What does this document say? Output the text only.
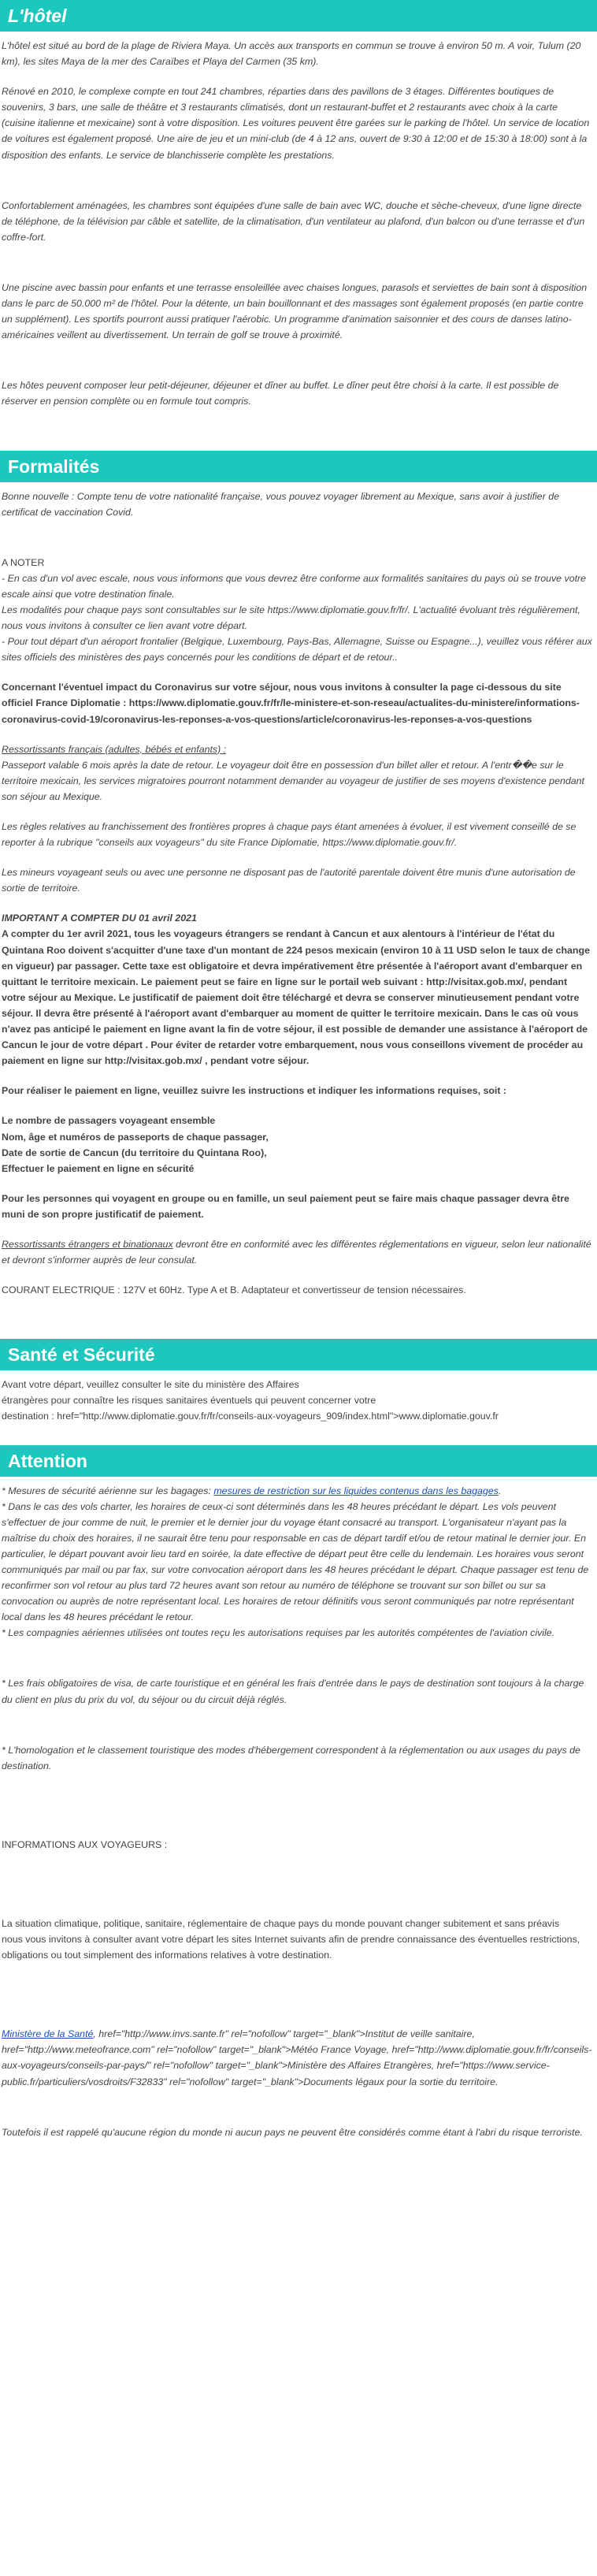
L'hôtel

L'hôtel est situé au bord de la plage de Riviera Maya. Un accès aux transports en commun se trouve à environ 50 m. A voir, Tulum (20 km), les sites Maya de la mer des Caraïbes et Playa del Carmen (35 km).

Rénové en 2010, le complexe compte en tout 241 chambres, réparties dans des pavillons de 3 étages. Différentes boutiques de souvenirs, 3 bars, une salle de théâtre et 3 restaurants climatisés, dont un restaurant-buffet et 2 restaurants avec choix à la carte (cuisine italienne et mexicaine) sont à votre disposition. Les voitures peuvent être garées sur le parking de l'hôtel. Un service de location de voitures est également proposé. Une aire de jeu et un mini-club (de 4 à 12 ans, ouvert de 9:30 à 12:00 et de 15:30 à 18:00) sont à la disposition des enfants. Le service de blanchisserie complète les prestations.

Confortablement aménagées, les chambres sont équipées d'une salle de bain avec WC, douche et sèche-cheveux, d'une ligne directe de téléphone, de la télévision par câble et satellite, de la climatisation, d'un ventilateur au plafond, d'un balcon ou d'une terrasse et d'un coffre-fort.

Une piscine avec bassin pour enfants et une terrasse ensoleillée avec chaises longues, parasols et serviettes de bain sont à disposition dans le parc de 50.000 m² de l'hôtel. Pour la détente, un bain bouillonnant et des massages sont également proposés (en partie contre un supplément). Les sportifs pourront aussi pratiquer l'aérobic. Un programme d'animation saisonnier et des cours de danses latino-américaines veillent au divertissement. Un terrain de golf se trouve à proximité.

Les hôtes peuvent composer leur petit-déjeuner, déjeuner et dîner au buffet. Le dîner peut être choisi à la carte. Il est possible de réserver en pension complète ou en formule tout compris.

Formalités

Bonne nouvelle : Compte tenu de votre nationalité française, vous pouvez voyager librement au Mexique, sans avoir à justifier de certificat de vaccination Covid.

A NOTER

- En cas d'un vol avec escale, nous vous informons que vous devrez être conforme aux formalités sanitaires du pays où se trouve votre escale ainsi que votre destination finale.

Les modalités pour chaque pays sont consultables sur le site https://www.diplomatie.gouv.fr/fr/. L'actualité évoluant très régulièrement, nous vous invitons à consulter ce lien avant votre départ.

- Pour tout départ d'un aéroport frontalier (Belgique, Luxembourg, Pays-Bas, Allemagne, Suisse ou Espagne...), veuillez vous référer aux sites officiels des ministères des pays concernés pour les conditions de départ et de retour..

Concernant l'éventuel impact du Coronavirus sur votre séjour, nous vous invitons à consulter la page ci-dessous du site officiel France Diplomatie : https://www.diplomatie.gouv.fr/fr/le-ministere-et-son-reseau/actualites-du-ministere/informations-coronavirus-covid-19/coronavirus-les-reponses-a-vos-questions/article/coronavirus-les-reponses-a-vos-questions

Ressortissants français (adultes, bébés et enfants) :

Passeport valable 6 mois après la date de retour. Le voyageur doit être en possession d'un billet aller et retour. A l'entr��e sur le territoire mexicain, les services migratoires pourront notamment demander au voyageur de justifier de ses moyens d'existence pendant son séjour au Mexique.

Les règles relatives au franchissement des frontières propres à chaque pays étant amenées à évoluer, il est vivement conseillé de se reporter à la rubrique "conseils aux voyageurs" du site France Diplomatie, https://www.diplomatie.gouv.fr/.

Les mineurs voyageant seuls ou avec une personne ne disposant pas de l'autorité parentale doivent être munis d'une autorisation de sortie de territoire.

IMPORTANT A COMPTER DU 01 avril 2021

A compter du 1er avril 2021, tous les voyageurs étrangers se rendant à Cancun et aux alentours à l'intérieur de l'état du Quintana Roo doivent s'acquitter d'une taxe d'un montant de 224 pesos mexicain (environ 10 à 11 USD selon le taux de change en vigueur) par passager. Cette taxe est obligatoire et devra impérativement être présentée à l'aéroport avant d'embarquer en quittant le territoire mexicain. Le paiement peut se faire en ligne sur le portail web suivant : http://visitax.gob.mx/, pendant votre séjour au Mexique. Le justificatif de paiement doit être téléchargé et devra se conserver minutieusement pendant votre séjour. Il devra être présenté à l'aéroport avant d'embarquer au moment de quitter le territoire mexicain. Dans le cas où vous n'avez pas anticipé le paiement en ligne avant la fin de votre séjour, il est possible de demander une assistance à l'aéroport de Cancun le jour de votre départ . Pour éviter de retarder votre embarquement, nous vous conseillons vivement de procéder au paiement en ligne sur http://visitax.gob.mx/ , pendant votre séjour.

Pour réaliser le paiement en ligne, veuillez suivre les instructions et indiquer les informations requises, soit :

Le nombre de passagers voyageant ensemble

Nom, âge et numéros de passeports de chaque passager,

Date de sortie de Cancun (du territoire du Quintana Roo),

Effectuer le paiement en ligne en sécurité

Pour les personnes qui voyagent en groupe ou en famille, un seul paiement peut se faire mais chaque passager devra être muni de son propre justificatif de paiement.

Ressortissants étrangers et binationaux devront être en conformité avec les différentes réglementations en vigueur, selon leur nationalité et devront s'informer auprès de leur consulat.

COURANT ELECTRIQUE : 127V et 60Hz. Type A et B. Adaptateur et convertisseur de tension nécessaires.

Santé et Sécurité

Avant votre départ, veuillez consulter le site du ministère des Affaires

étrangères pour connaître les risques sanitaires éventuels qui peuvent concerner votre

destination : href="http://www.diplomatie.gouv.fr/fr/conseils-aux-voyageurs_909/index.html">www.diplomatie.gouv.fr

Attention

* Mesures de sécurité aérienne sur les bagages: mesures de restriction sur les liquides contenus dans les bagages.

* Dans le cas des vols charter, les horaires de ceux-ci sont déterminés dans les 48 heures précédant le départ. Les vols peuvent s'effectuer de jour comme de nuit, le premier et le dernier jour du voyage étant consacré au transport. L'organisateur n'ayant pas la maîtrise du choix des horaires, il ne saurait être tenu pour responsable en cas de départ tardif et/ou de retour matinal le dernier jour. En particulier, le départ pouvant avoir lieu tard en soirée, la date effective de départ peut être celle du lendemain. Les horaires vous seront communiqués par mail ou par fax, sur votre convocation aéroport dans les 48 heures précédant le départ. Chaque passager est tenu de reconfirmer son vol retour au plus tard 72 heures avant son retour au numéro de téléphone se trouvant sur son billet ou sur sa convocation ou auprès de notre représentant local. Les horaires de retour définitifs vous seront communiqués par notre représentant local dans les 48 heures précédant le retour.

* Les compagnies aériennes utilisées ont toutes reçu les autorisations requises par les autorités compétentes de l'aviation civile.

* Les frais obligatoires de visa, de carte touristique et en général les frais d'entrée dans le pays de destination sont toujours à la charge du client en plus du prix du vol, du séjour ou du circuit déjà réglés.

* L'homologation et le classement touristique des modes d'hébergement correspondent à la réglementation ou aux usages du pays de destination.

INFORMATIONS AUX VOYAGEURS :

La situation climatique, politique, sanitaire, réglementaire de chaque pays du monde pouvant changer subitement et sans préavis

nous vous invitons à consulter avant votre départ les sites Internet suivants afin de prendre connaissance des éventuelles restrictions, obligations ou tout simplement des informations relatives à votre destination.

Ministère de la Santé, href="http://www.invs.sante.fr" rel="nofollow" target="_blank">Institut de veille sanitaire, href="http://www.meteofrance.com" rel="nofollow" target="_blank">Météo France Voyage, href="http://www.diplomatie.gouv.fr/fr/conseils-aux-voyageurs/conseils-par-pays/" rel="nofollow" target="_blank">Ministère des Affaires Etrangères, href="https://www.service-public.fr/particuliers/vosdroits/F32833" rel="nofollow" target="_blank">Documents légaux pour la sortie du territoire.

Toutefois il est rappelé qu'aucune région du monde ni aucun pays ne peuvent être considérés comme étant à l'abri du risque terroriste.
